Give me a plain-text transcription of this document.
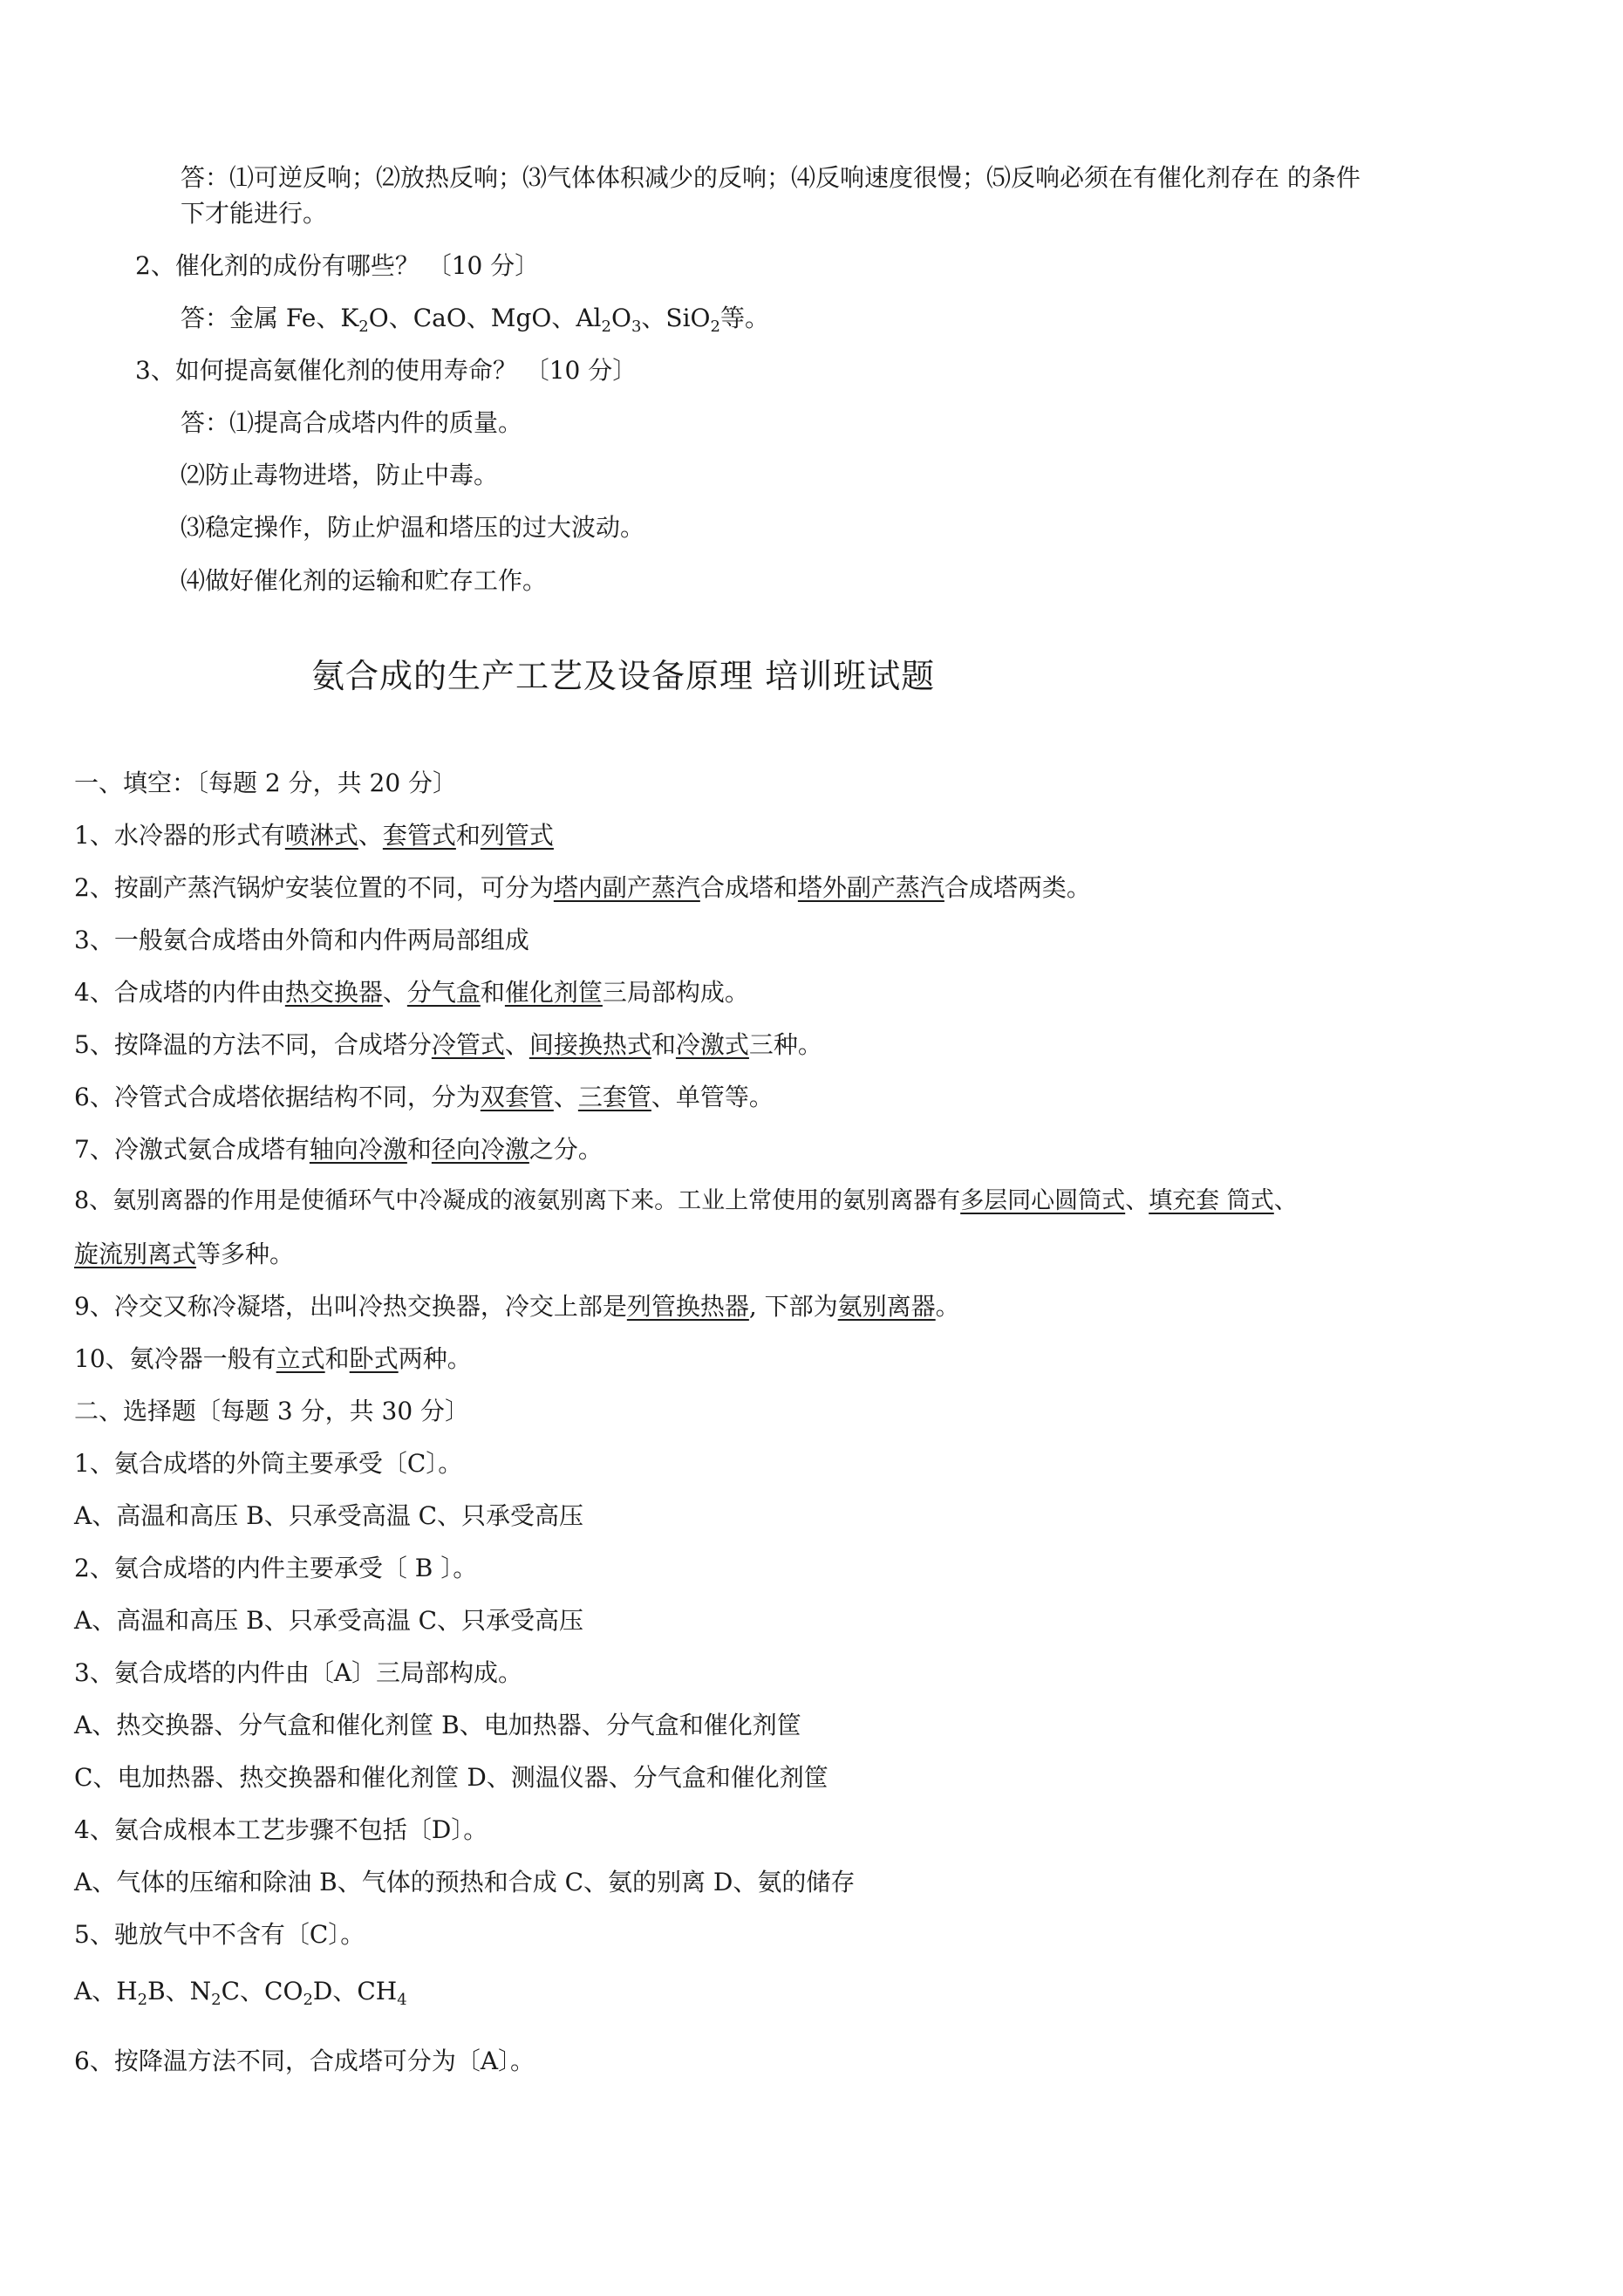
答：⑴可逆反响；⑵放热反响；⑶气体体积减少的反响；⑷反响速度很慢；⑸反响必须在有催化剂存在 的条件
下才能进行。
2、催化剂的成份有哪些？ 〔10 分〕
答：金属 Fe、$K_2O$、CaO、MgO、$Al_2O_3$、SiO$_2$等。
3、如何提高氨催化剂的使用寿命？ 〔10 分〕
答：⑴提高合成塔内件的质量。
⑵防止毒物进塔，防止中毒。
⑶稳定操作，防止炉温和塔压的过大波动。
⑷做好催化剂的运输和贮存工作。
氨合成的生产工艺及设备原理 培训班试题
一、填空：〔每题 2 分，共 20 分〕
1、水冷器的形式有喷淋式、套管式和列管式
2、按副产蒸汽锅炉安装位置的不同，可分为塔内副产蒸汽合成塔和塔外副产蒸汽合成塔两类。
3、一般氨合成塔由外筒和内件两局部组成
4、合成塔的内件由热交换器、分气盒和催化剂筐三局部构成。
5、按降温的方法不同，合成塔分冷管式、间接换热式和冷激式三种。
6、冷管式合成塔依据结构不同，分为双套管、三套管、单管等。
7、冷激式氨合成塔有轴向冷激和径向冷激之分。
8、氨别离器的作用是使循环气中冷凝成的液氨别离下来。工业上常使用的氨别离器有多层同心圆筒式、填充套 筒式、
旋流别离式等多种。
9、冷交又称冷凝塔，出叫冷热交换器，冷交上部是列管换热器, 下部为氨别离器。
10、氨冷器一般有立式和卧式两种。
二、选择题〔每题 3 分，共 30 分〕
1、氨合成塔的外筒主要承受〔C〕。
A、高温和高压 B、只承受高温 C、只承受高压
2、氨合成塔的内件主要承受〔 B 〕。
A、高温和高压 B、只承受高温 C、只承受高压
3、氨合成塔的内件由〔A〕三局部构成。
A、热交换器、分气盒和催化剂筐 B、电加热器、分气盒和催化剂筐
C、电加热器、热交换器和催化剂筐 D、测温仪器、分气盒和催化剂筐
4、氨合成根本工艺步骤不包括〔D〕。
A、气体的压缩和除油 B、气体的预热和合成 C、氨的别离 D、氨的储存
5、驰放气中不含有〔C〕。
A、$H_2B$、$N_2C$、$CO_2D$、$CH_4$
6、按降温方法不同，合成塔可分为〔A〕。
